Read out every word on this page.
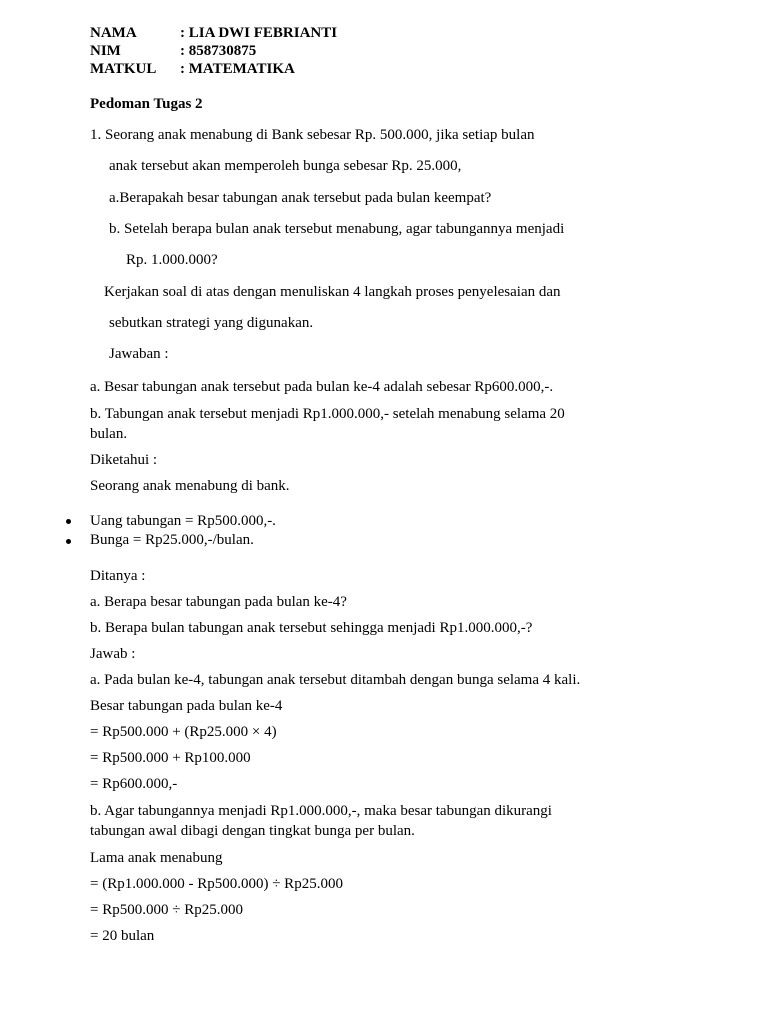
NAMA	: LIA DWI FEBRIANTI
NIM	: 858730875
MATKUL : MATEMATIKA
Pedoman Tugas 2
1. Seorang anak menabung di Bank sebesar Rp. 500.000, jika setiap bulan
anak tersebut akan memperoleh bunga sebesar Rp. 25.000,
a.Berapakah besar tabungan anak tersebut pada bulan keempat?
b. Setelah berapa bulan anak tersebut menabung, agar tabungannya menjadi
Rp. 1.000.000?
Kerjakan soal di atas dengan menuliskan 4 langkah proses penyelesaian dan
sebutkan strategi yang digunakan.
Jawaban :
a. Besar tabungan anak tersebut pada bulan ke-4 adalah sebesar Rp600.000,-.
b. Tabungan anak tersebut menjadi Rp1.000.000,- setelah menabung selama 20
bulan.
Diketahui :
Seorang anak menabung di bank.
Uang tabungan = Rp500.000,-.
Bunga = Rp25.000,-/bulan.
Ditanya :
a. Berapa besar tabungan pada bulan ke-4?
b. Berapa bulan tabungan anak tersebut sehingga menjadi Rp1.000.000,-?
Jawab :
a. Pada bulan ke-4, tabungan anak tersebut ditambah dengan bunga selama 4 kali.
Besar tabungan pada bulan ke-4
= Rp500.000 + (Rp25.000 × 4)
= Rp500.000 + Rp100.000
= Rp600.000,-
b. Agar tabungannya menjadi Rp1.000.000,-, maka besar tabungan dikurangi
tabungan awal dibagi dengan tingkat bunga per bulan.
Lama anak menabung
= (Rp1.000.000 - Rp500.000) ÷ Rp25.000
= Rp500.000 ÷ Rp25.000
= 20 bulan
